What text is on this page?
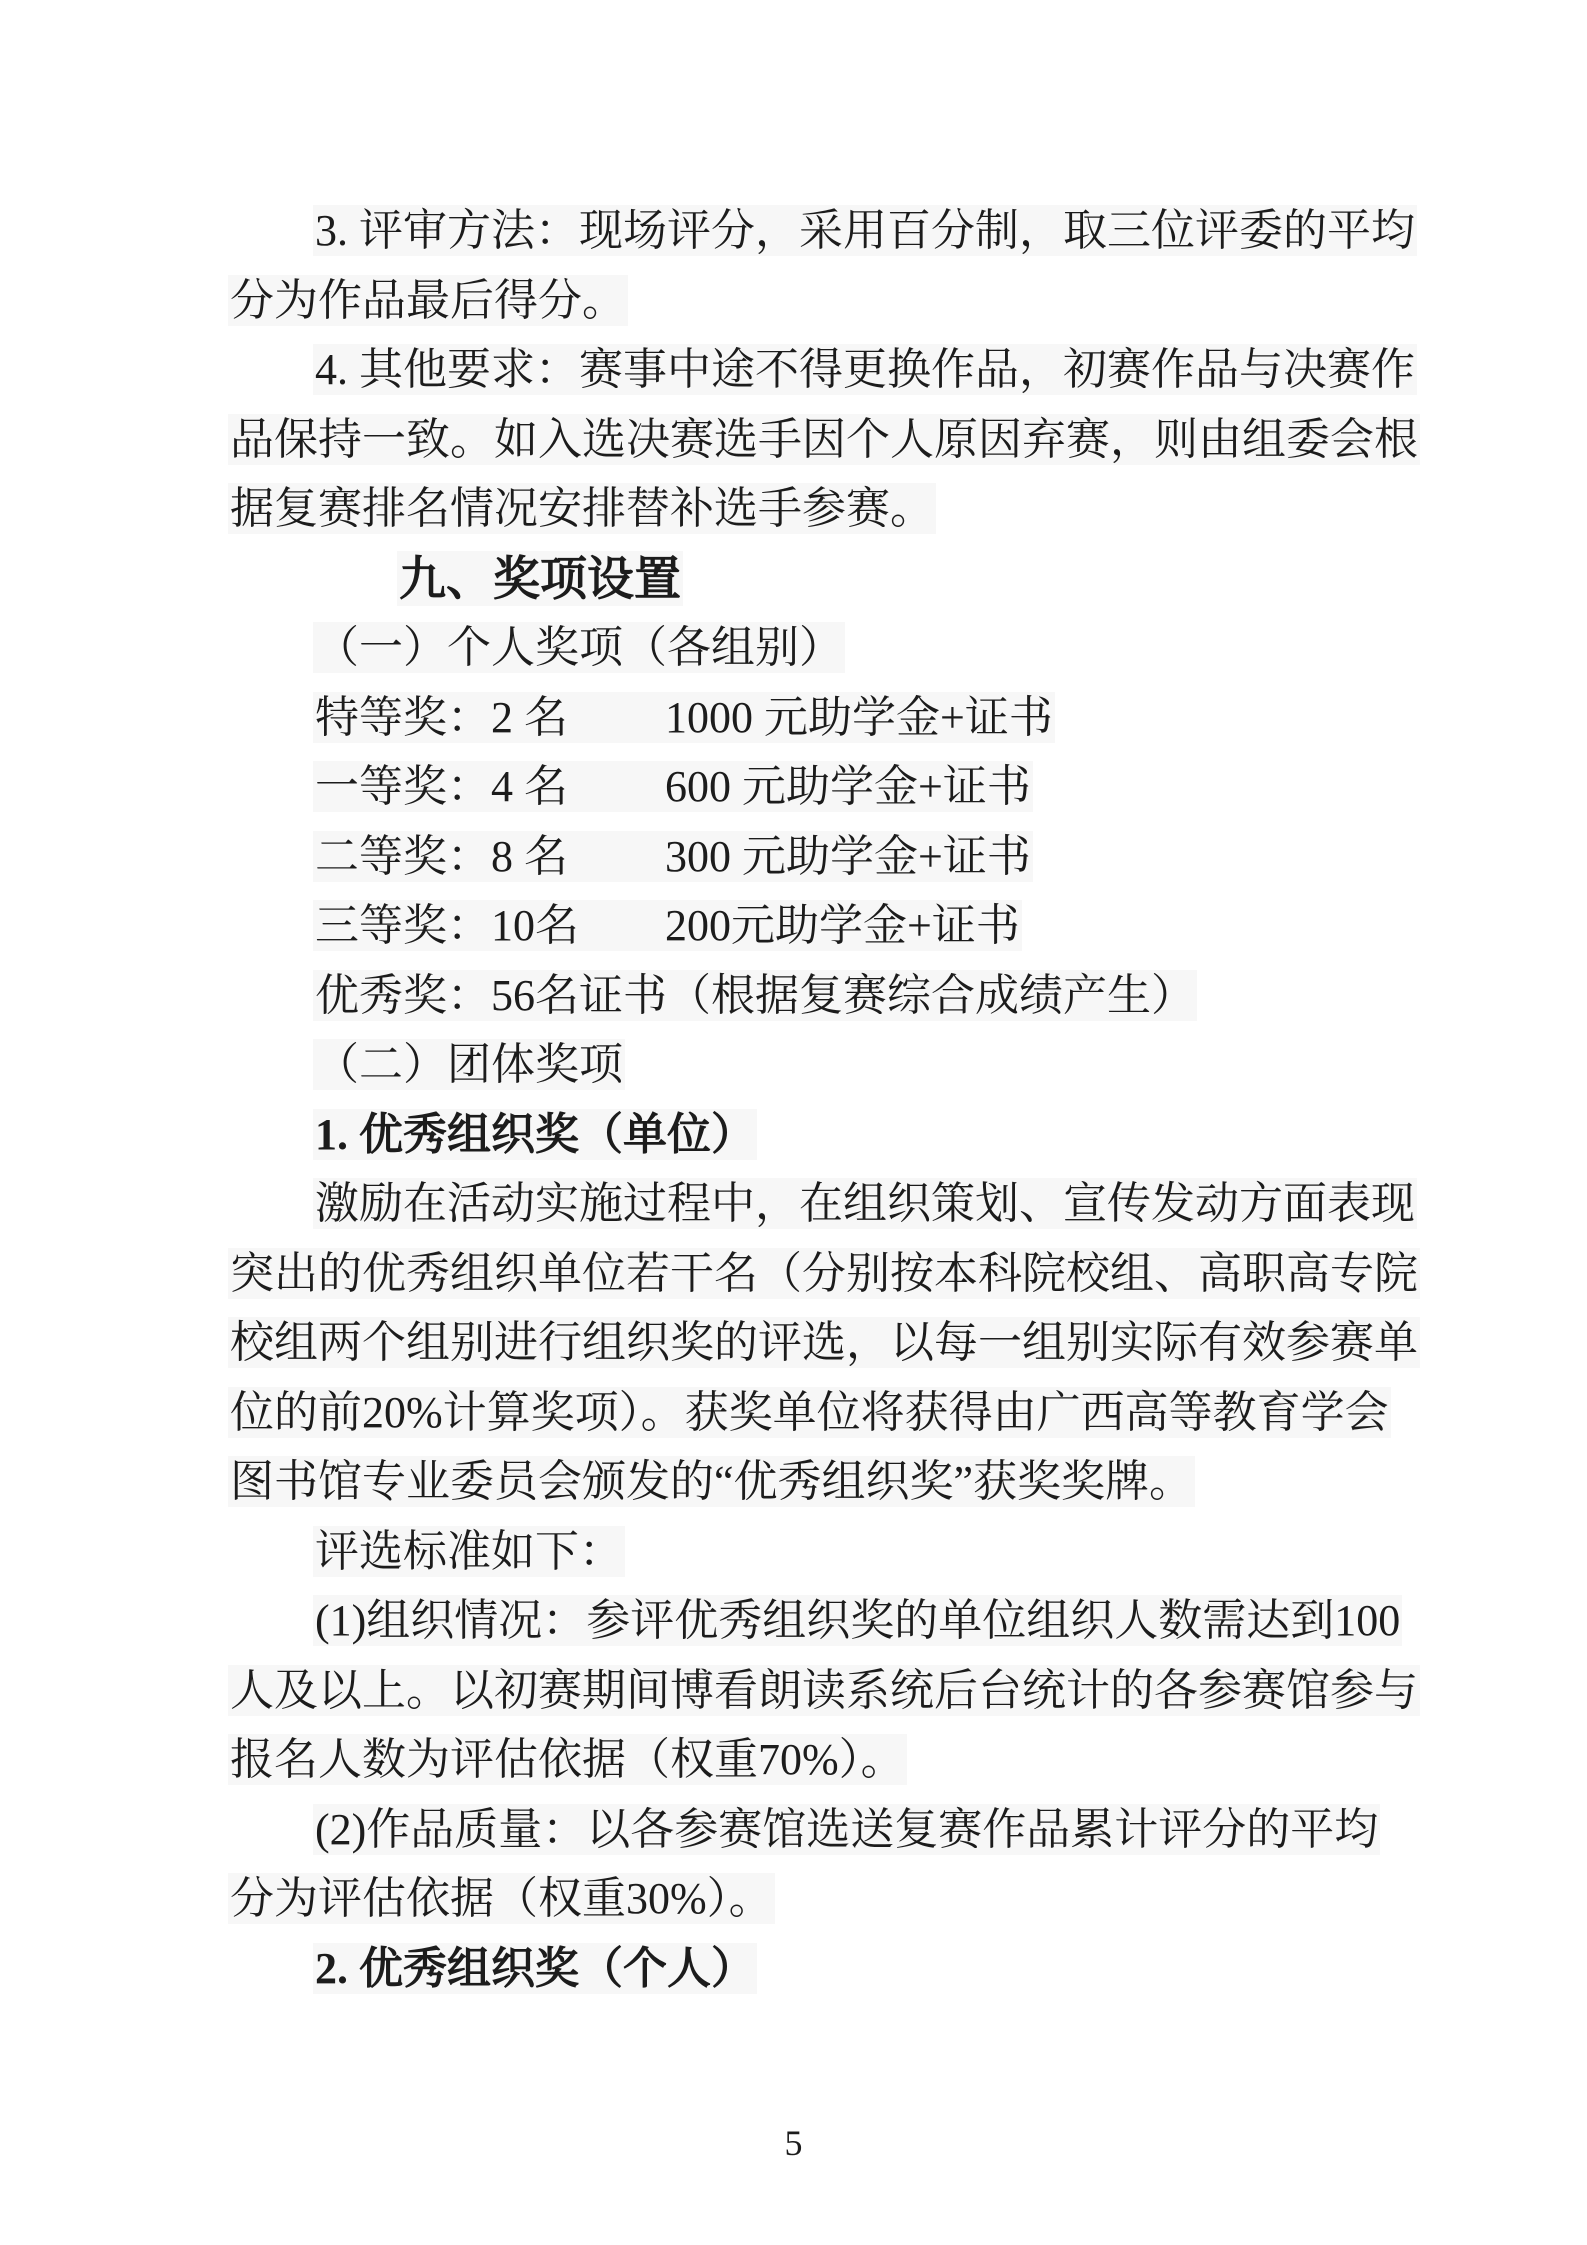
3. 评审方法：现场评分，采用百分制，取三位评委的平均
分为作品最后得分。
4. 其他要求：赛事中途不得更换作品，初赛作品与决赛作
品保持一致。如入选决赛选手因个人原因弃赛，则由组委会根
据复赛排名情况安排替补选手参赛。
九、奖项设置
（一）个人奖项（各组别）
特等奖：2 名 1000 元助学金+证书
一等奖：4 名 600 元助学金+证书
二等奖：8 名 300 元助学金+证书
三等奖：10名 200元助学金+证书
优秀奖：56名证书（根据复赛综合成绩产生）
（二）团体奖项
1. 优秀组织奖（单位）
激励在活动实施过程中，在组织策划、宣传发动方面表现
突出的优秀组织单位若干名（分别按本科院校组、高职高专院
校组两个组别进行组织奖的评选，以每一组别实际有效参赛单
位的前20%计算奖项）。获奖单位将获得由广西高等教育学会
图书馆专业委员会颁发的“优秀组织奖”获奖奖牌。
评选标准如下：
(1)组织情况：参评优秀组织奖的单位组织人数需达到100
人及以上。以初赛期间博看朗读系统后台统计的各参赛馆参与
报名人数为评估依据（权重70%）。
(2)作品质量：以各参赛馆选送复赛作品累计评分的平均
分为评估依据（权重30%）。
2. 优秀组织奖（个人）
5
